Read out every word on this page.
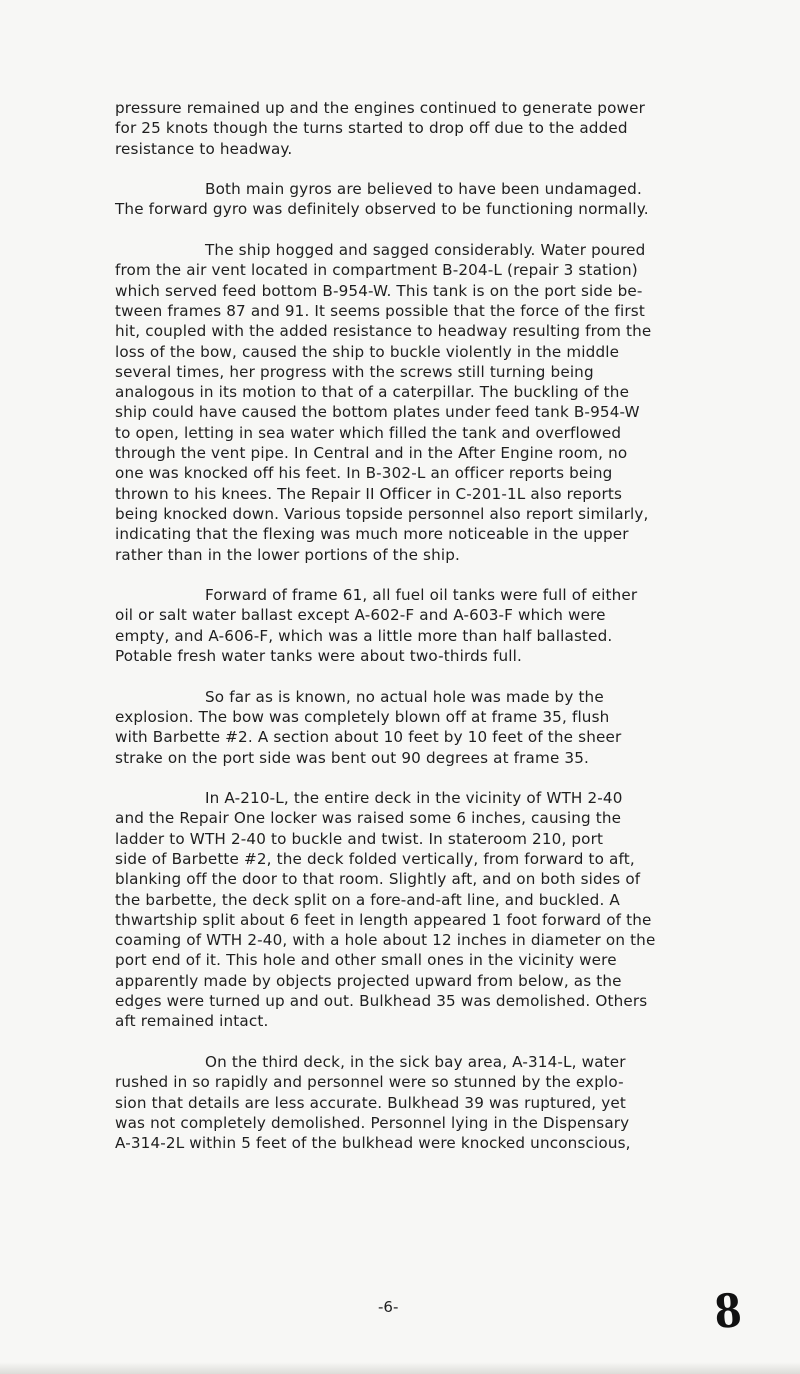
pressure remained up and the engines continued to generate power
for 25 knots though the turns started to drop off due to the added
resistance to headway.
Both main gyros are believed to have been undamaged.
The forward gyro was definitely observed to be functioning normally.
The ship hogged and sagged considerably. Water poured
from the air vent located in compartment B-204-L (repair 3 station)
which served feed bottom B-954-W. This tank is on the port side be-
tween frames 87 and 91. It seems possible that the force of the first
hit, coupled with the added resistance to headway resulting from the
loss of the bow, caused the ship to buckle violently in the middle
several times, her progress with the screws still turning being
analogous in its motion to that of a caterpillar. The buckling of the
ship could have caused the bottom plates under feed tank B-954-W
to open, letting in sea water which filled the tank and overflowed
through the vent pipe. In Central and in the After Engine room, no
one was knocked off his feet. In B-302-L an officer reports being
thrown to his knees. The Repair II Officer in C-201-1L also reports
being knocked down. Various topside personnel also report similarly,
indicating that the flexing was much more noticeable in the upper
rather than in the lower portions of the ship.
Forward of frame 61, all fuel oil tanks were full of either
oil or salt water ballast except A-602-F and A-603-F which were
empty, and A-606-F, which was a little more than half ballasted.
Potable fresh water tanks were about two-thirds full.
So far as is known, no actual hole was made by the
explosion. The bow was completely blown off at frame 35, flush
with Barbette #2. A section about 10 feet by 10 feet of the sheer
strake on the port side was bent out 90 degrees at frame 35.
In A-210-L, the entire deck in the vicinity of WTH 2-40
and the Repair One locker was raised some 6 inches, causing the
ladder to WTH 2-40 to buckle and twist. In stateroom 210, port
side of Barbette #2, the deck folded vertically, from forward to aft,
blanking off the door to that room. Slightly aft, and on both sides of
the barbette, the deck split on a fore-and-aft line, and buckled. A
thwartship split about 6 feet in length appeared 1 foot forward of the
coaming of WTH 2-40, with a hole about 12 inches in diameter on the
port end of it. This hole and other small ones in the vicinity were
apparently made by objects projected upward from below, as the
edges were turned up and out. Bulkhead 35 was demolished. Others
aft remained intact.
On the third deck, in the sick bay area, A-314-L, water
rushed in so rapidly and personnel were so stunned by the explo-
sion that details are less accurate. Bulkhead 39 was ruptured, yet
was not completely demolished. Personnel lying in the Dispensary
A-314-2L within 5 feet of the bulkhead were knocked unconscious,
-6-	8
